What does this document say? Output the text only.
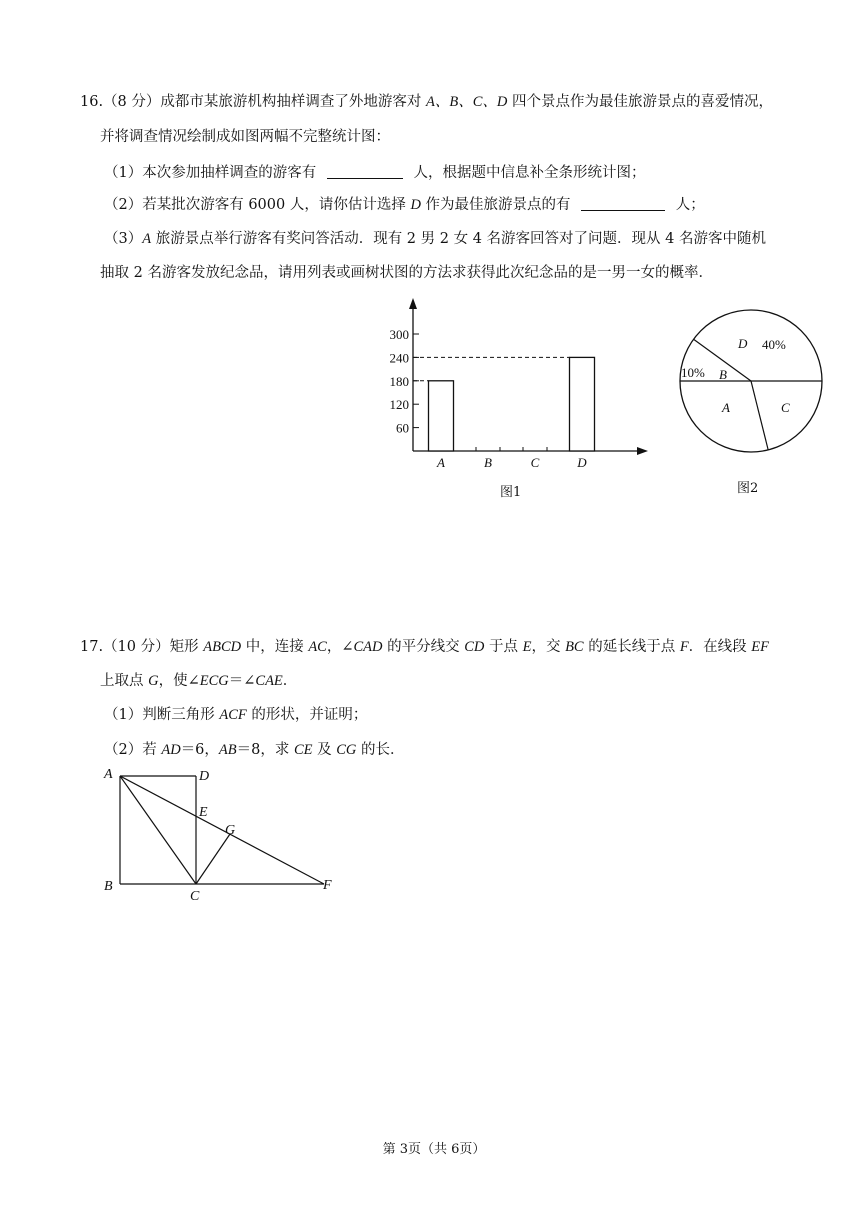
16.（8 分）成都市某旅游机构抽样调查了外地游客对 A、B、C、D 四个景点作为最佳旅游景点的喜爱情况，
并将调查情况绘制成如图两幅不完整统计图：
（1）本次参加抽样调查的游客有	人，根据题中信息补全条形统计图；
（2）若某批次游客有 6000 人，请你估计选择 D 作为最佳旅游景点的有	人；
（3）A 旅游景点举行游客有奖问答活动．现有 2 男 2 女 4 名游客回答对了问题．现从 4 名游客中随机
抽取 2 名游客发放纪念品，请用列表或画树状图的方法求获得此次纪念品的是一男一女的概率．
60
120
180
240
300
A	B	C	D
图1
D 40%
10% B
A	C
图2
17.（10 分）矩形 ABCD 中，连接 AC，∠CAD 的平分线交 CD 于点 E，交 BC 的延长线于点 F．在线段 EF
上取点 G，使∠ECG＝∠CAE．
（1）判断三角形 ACF 的形状，并证明；
（2）若 AD＝6，AB＝8，求 CE 及 CG 的长．
A	D
E
G
B
C
F
第 3页（共 6页）
